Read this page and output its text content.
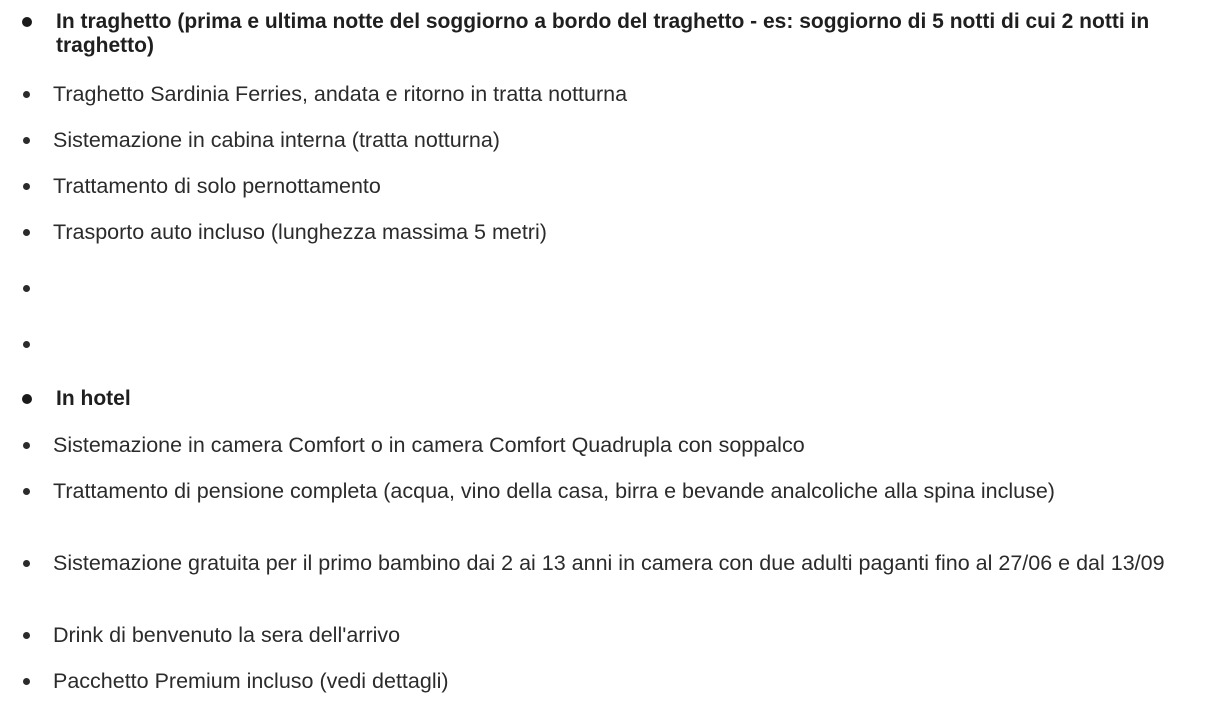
In traghetto (prima e ultima notte del soggiorno a bordo del traghetto - es: soggiorno di 5 notti di cui 2 notti in traghetto)
Traghetto Sardinia Ferries, andata e ritorno in tratta notturna
Sistemazione in cabina interna (tratta notturna)
Trattamento di solo pernottamento
Trasporto auto incluso (lunghezza massima 5 metri)
In hotel
Sistemazione in camera Comfort o in camera Comfort Quadrupla con soppalco
Trattamento di pensione completa (acqua, vino della casa, birra e bevande analcoliche alla spina incluse)
Sistemazione gratuita per il primo bambino dai 2 ai 13 anni in camera con due adulti paganti fino al 27/06 e dal 13/09
Drink di benvenuto la sera dell'arrivo
Pacchetto Premium incluso (vedi dettagli)
